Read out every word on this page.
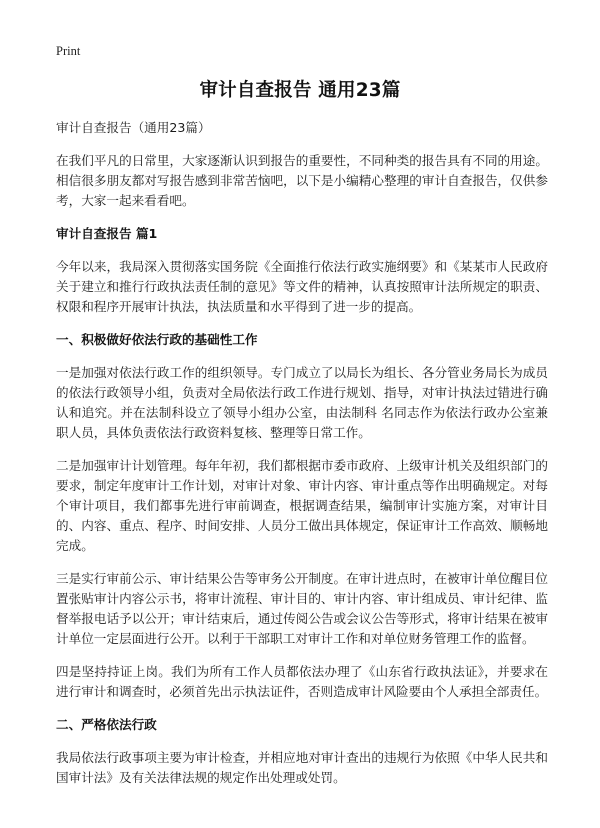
Print
审计自查报告 通用23篇
审计自查报告（通用23篇）

在我们平凡的日常里，大家逐渐认识到报告的重要性，不同种类的报告具有不同的用途。相信很多朋友都对写报告感到非常苦恼吧，以下是小编精心整理的审计自查报告，仅供参考，大家一起来看看吧。

审计自查报告 篇1

今年以来，我局深入贯彻落实国务院《全面推行依法行政实施纲要》和《某某市人民政府关于建立和推行行政执法责任制的意见》等文件的精神，认真按照审计法所规定的职责、权限和程序开展审计执法，执法质量和水平得到了进一步的提高。

一、积极做好依法行政的基础性工作

一是加强对依法行政工作的组织领导。专门成立了以局长为组长、各分管业务局长为成员的依法行政领导小组，负责对全局依法行政工作进行规划、指导，对审计执法过错进行确认和追究。并在法制科设立了领导小组办公室，由法制科 名同志作为依法行政办公室兼职人员，具体负责依法行政资料复核、整理等日常工作。

二是加强审计计划管理。每年年初，我们都根据市委市政府、上级审计机关及组织部门的要求，制定年度审计工作计划，对审计对象、审计内容、审计重点等作出明确规定。对每个审计项目，我们都事先进行审前调查，根据调查结果，编制审计实施方案，对审计目的、内容、重点、程序、时间安排、人员分工做出具体规定，保证审计工作高效、顺畅地完成。

三是实行审前公示、审计结果公告等审务公开制度。在审计进点时，在被审计单位醒目位置张贴审计内容公示书，将审计流程、审计目的、审计内容、审计组成员、审计纪律、监督举报电话予以公开；审计结束后，通过传阅公告或会议公告等形式，将审计结果在被审计单位一定层面进行公开。以利于干部职工对审计工作和对单位财务管理工作的监督。

四是坚持持证上岗。我们为所有工作人员都依法办理了《山东省行政执法证》，并要求在进行审计和调查时，必须首先出示执法证件，否则造成审计风险要由个人承担全部责任。

二、严格依法行政

我局依法行政事项主要为审计检查，并相应地对审计查出的违规行为依照《中华人民共和国审计法》及有关法律法规的规定作出处理或处罚。
